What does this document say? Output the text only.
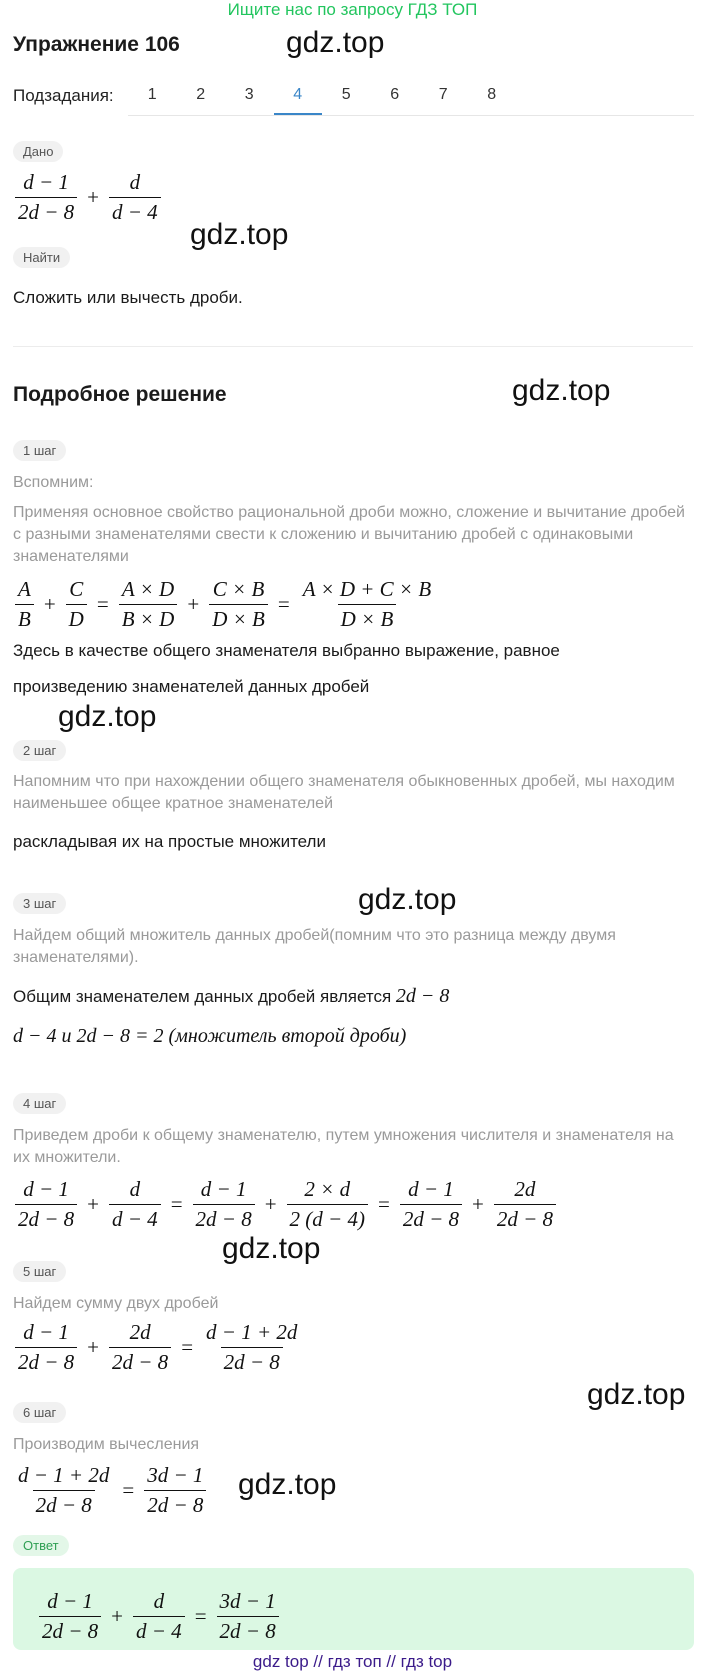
Ищите нас по запросу ГДЗ ТОП
Упражнение 106	gdz.top
Подзадания:	1	2	3	4	5	6	7	8
Дано
$\frac{d - 1}{2d - 8} + \frac{d}{d - 4}$
gdz.top
Найти
Сложить или вычесть дроби.
Подробное решение	gdz.top
1 шаг
Вспомним:
Применяя основное свойство рациональной дроби можно, сложение и вычитание дробей с разными знаменателями свести к сложению и вычитанию дробей с одинаковыми знаменателями
$\frac{A}{B} + \frac{C}{D} = \frac{A \times D}{B \times D} + \frac{C \times B}{D \times B} = \frac{A \times D + C \times B}{D \times B}$
Здесь в качестве общего знаменателя выбранно выражение, равное
произведению знаменателей данных дробей
gdz.top
2 шаг
Напомним что при нахождении общего знаменателя обыкновенных дробей, мы находим наименьшее общее кратное знаменателей
раскладывая их на простые множители
gdz.top
3 шаг
Найдем общий множитель данных дробей(помним что это разница между двумя знаменателями).
Общим знаменателем данных дробей является 2d − 8
d − 4 и 2d − 8 = 2 (множитель второй дроби)
4 шаг
Приведем дроби к общему знаменателю, путем умножения числителя и знаменателя на их множители.
$\frac{d - 1}{2d - 8} + \frac{d}{d - 4} = \frac{d - 1}{2d - 8} + \frac{2 \times d}{2 (d - 4)} = \frac{d - 1}{2d - 8} + \frac{2d}{2d - 8}$
gdz.top
5 шаг
Найдем сумму двух дробей
$\frac{d - 1}{2d - 8} + \frac{2d}{2d - 8} = \frac{d - 1 + 2d}{2d - 8}$
gdz.top
6 шаг
Производим вычесления
$\frac{d - 1 + 2d}{2d - 8} = \frac{3d - 1}{2d - 8} gdz.top$
Ответ
$\frac{d - 1}{2d - 8} + \frac{d}{d - 4} = \frac{3d - 1}{2d - 8}$
gdz top // гдз топ // гдз top
